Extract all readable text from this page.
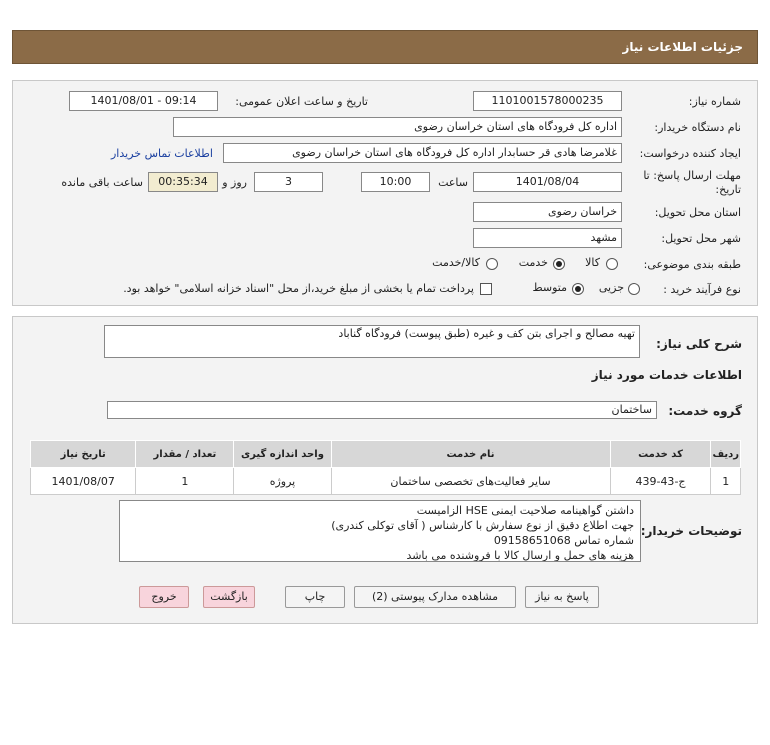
جزئیات اطلاعات نیاز
شماره نیاز:
1101001578000235
تاریخ و ساعت اعلان عمومی:
1401/08/01 - 09:14
نام دستگاه خریدار:
اداره کل فرودگاه های استان خراسان رضوی
ایجاد کننده درخواست:
غلامرضا هادی قر حسابدار اداره کل فرودگاه های استان خراسان رضوی
اطلاعات تماس خریدار
مهلت ارسال پاسخ: تا
تاریخ:
1401/08/04
ساعت
10:00
3
روز و
00:35:34
ساعت باقی مانده
استان محل تحویل:
خراسان رضوی
شهر محل تحویل:
مشهد
طبقه بندی موضوعی:
کالا
خدمت
کالا/خدمت
نوع فرآیند خرید :
جزیی
متوسط
پرداخت تمام یا بخشی از مبلغ خرید،از محل "اسناد خزانه اسلامی" خواهد بود.
شرح کلی نیاز:
تهیه مصالح و اجرای بتن کف و غیره (طبق پیوست) فرودگاه گناباد
اطلاعات خدمات مورد نیاز
گروه خدمت:
ساختمان
ردیف	کد خدمت	نام خدمت	واحد اندازه گیری	تعداد / مقدار	تاریخ نیاز
1	ج-43-439	سایر فعالیت‌های تخصصی ساختمان	پروژه	1	1401/08/07
توضیحات خریدار:
داشتن گواهینامه صلاحیت ایمنی HSE الزامیست
جهت اطلاع دقیق از نوع سفارش با کارشناس ( آقای توکلی کندری)
شماره تماس 09158651068
هزینه های حمل و ارسال کالا با فروشنده می باشد
پاسخ به نیاز
مشاهده مدارک پیوستی (2)
چاپ
بازگشت
خروج
